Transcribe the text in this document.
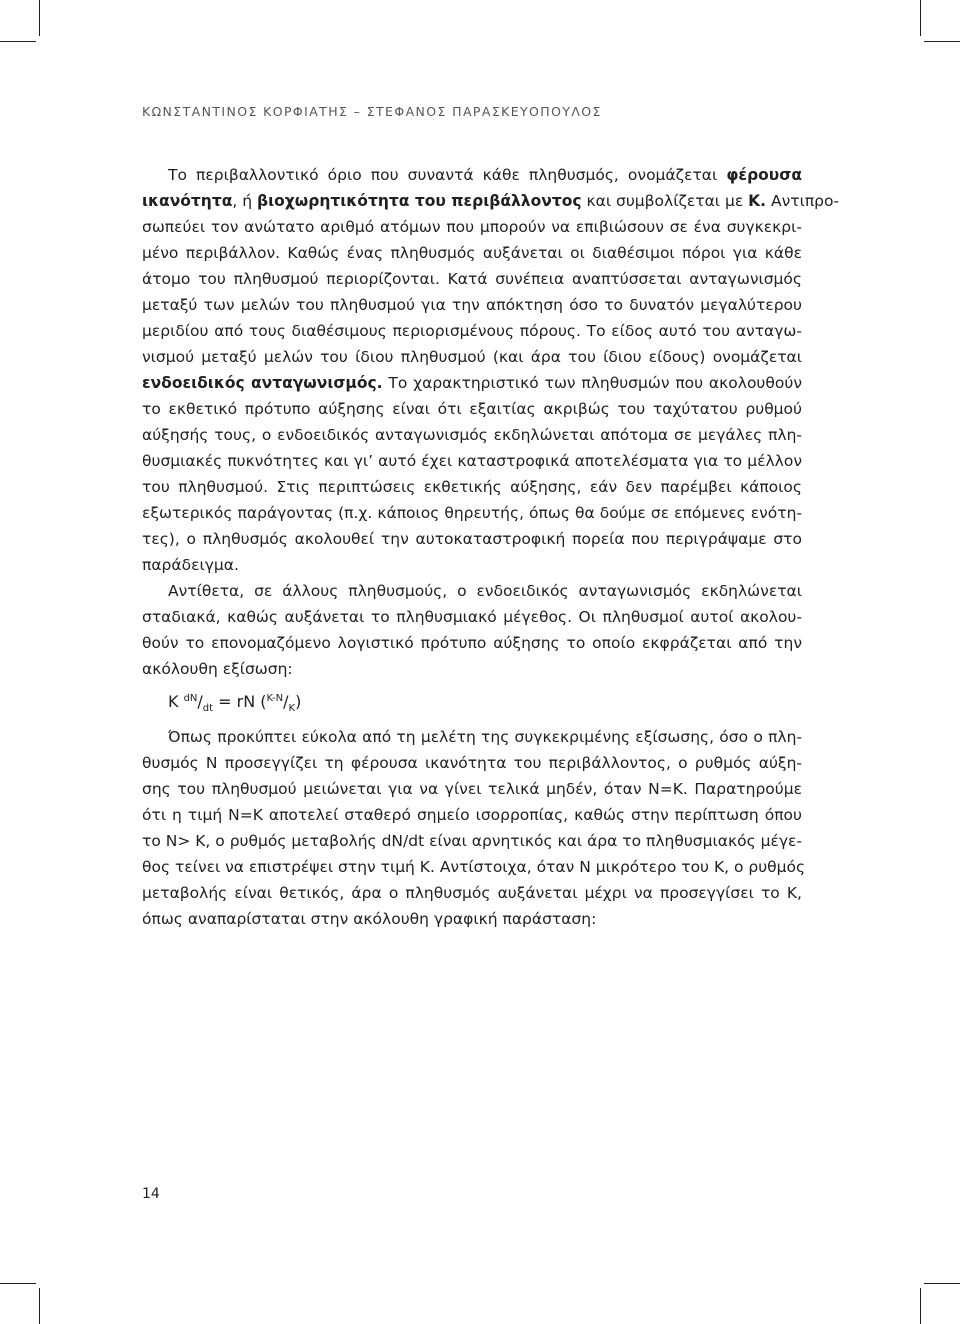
ΚΩΝΣΤΑΝΤΙΝΟΣ ΚΟΡΦΙΑΤΗΣ – ΣΤΕΦΑΝΟΣ ΠΑΡΑΣΚΕΥΟΠΟΥΛΟΣ
Το περιβαλλοντικό όριο που συναντά κάθε πληθυσμός, ονομάζεται φέρουσα
ικανότητα, ή βιοχωρητικότητα του περιβάλλοντος και συμβολίζεται με Κ. Αντιπρο-
σωπεύει τον ανώτατο αριθμό ατόμων που μπορούν να επιβιώσουν σε ένα συγκεκρι-
μένο περιβάλλον. Καθώς ένας πληθυσμός αυξάνεται οι διαθέσιμοι πόροι για κάθε
άτομο του πληθυσμού περιορίζονται. Κατά συνέπεια αναπτύσσεται ανταγωνισμός
μεταξύ των μελών του πληθυσμού για την απόκτηση όσο το δυνατόν μεγαλύτερου
μεριδίου από τους διαθέσιμους περιορισμένους πόρους. Το είδος αυτό του ανταγω-
νισμού μεταξύ μελών του ίδιου πληθυσμού (και άρα του ίδιου είδους) ονομάζεται
ενδοειδικός ανταγωνισμός. Το χαρακτηριστικό των πληθυσμών που ακολουθούν
το εκθετικό πρότυπο αύξησης είναι ότι εξαιτίας ακριβώς του ταχύτατου ρυθμού
αύξησής τους, ο ενδοειδικός ανταγωνισμός εκδηλώνεται απότομα σε μεγάλες πλη-
θυσμιακές πυκνότητες και γι’ αυτό έχει καταστροφικά αποτελέσματα για το μέλλον
του πληθυσμού. Στις περιπτώσεις εκθετικής αύξησης, εάν δεν παρέμβει κάποιος
εξωτερικός παράγοντας (π.χ. κάποιος θηρευτής, όπως θα δούμε σε επόμενες ενότη-
τες), ο πληθυσμός ακολουθεί την αυτοκαταστροφική πορεία που περιγράψαμε στο
παράδειγμα.
Αντίθετα, σε άλλους πληθυσμούς, ο ενδοειδικός ανταγωνισμός εκδηλώνεται
σταδιακά, καθώς αυξάνεται το πληθυσμιακό μέγεθος. Οι πληθυσμοί αυτοί ακολου-
θούν το επονομαζόμενο λογιστικό πρότυπο αύξησης το οποίο εκφράζεται από την
ακόλουθη εξίσωση:
K $^{dN}/_{dt}$ = rN $(^{K-N}/_K)$
Όπως προκύπτει εύκολα από τη μελέτη της συγκεκριμένης εξίσωσης, όσο ο πλη-
θυσμός Ν προσεγγίζει τη φέρουσα ικανότητα του περιβάλλοντος, ο ρυθμός αύξη-
σης του πληθυσμού μειώνεται για να γίνει τελικά μηδέν, όταν Ν=Κ. Παρατηρούμε
ότι η τιμή Ν=Κ αποτελεί σταθερό σημείο ισορροπίας, καθώς στην περίπτωση όπου
το Ν> Κ, ο ρυθμός μεταβολής dN/dt είναι αρνητικός και άρα το πληθυσμιακός μέγε-
θος τείνει να επιστρέψει στην τιμή Κ. Αντίστοιχα, όταν Ν μικρότερο του Κ, ο ρυθμός
μεταβολής είναι θετικός, άρα ο πληθυσμός αυξάνεται μέχρι να προσεγγίσει το Κ,
όπως αναπαρίσταται στην ακόλουθη γραφική παράσταση:
14
